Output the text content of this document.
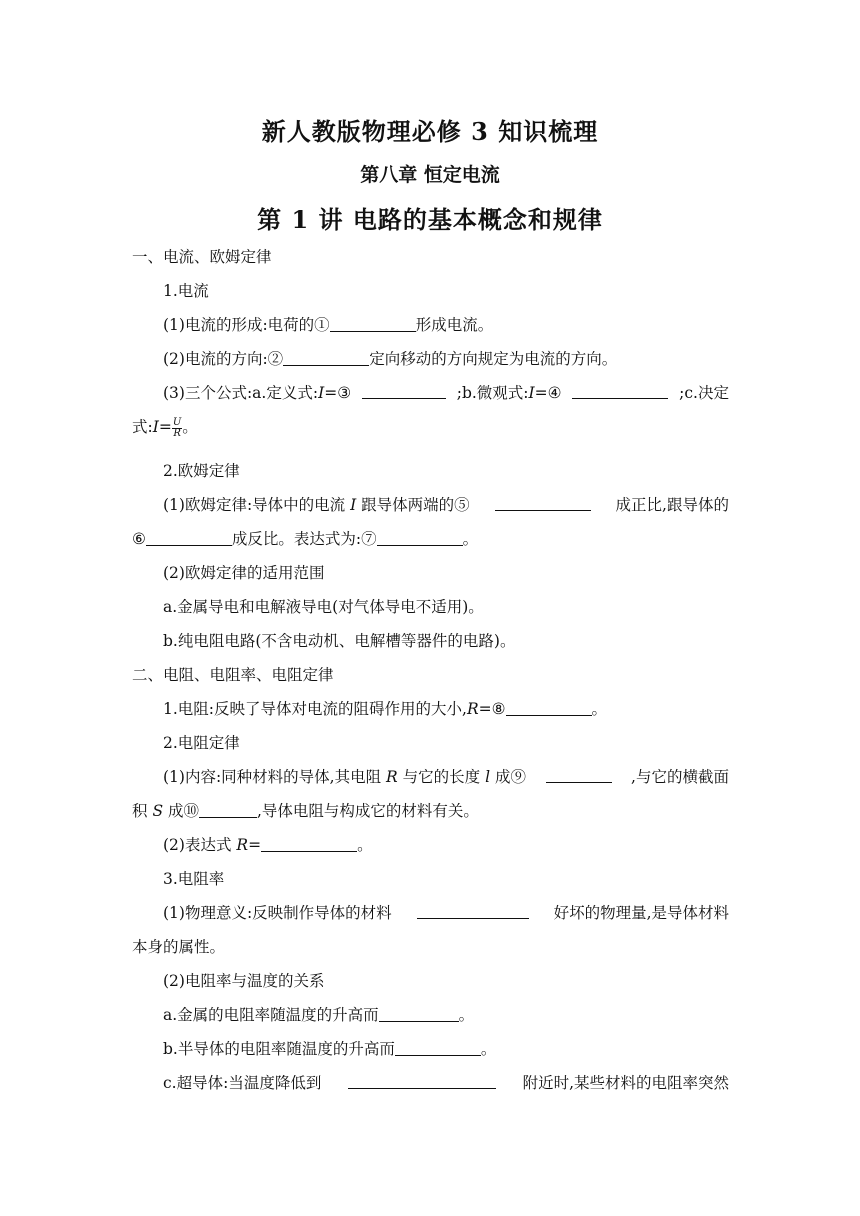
新人教版物理必修 3 知识梳理
第八章 恒定电流
第 1 讲 电路的基本概念和规律
一、电流、欧姆定律
1.电流
(1)电流的形成:电荷的①	形成电流。
(2)电流的方向:②	定向移动的方向规定为电流的方向。
(3)三个公式:a.定义式:I=③	;b.微观式:I=④	;c.决定
式:I= $\frac{U}{R}$ 。
2.欧姆定律
(1)欧姆定律:导体中的电流 I 跟导体两端的⑤	成正比,跟导体的
⑥	成反比。表达式为:⑦	。
(2)欧姆定律的适用范围
a.金属导电和电解液导电(对气体导电不适用)。
b.纯电阻电路(不含电动机、电解槽等器件的电路)。
二、电阻、电阻率、电阻定律
1.电阻:反映了导体对电流的阻碍作用的大小,R=⑧	。
2.电阻定律
(1)内容:同种材料的导体,其电阻 R 与它的长度 l 成⑨	,与它的横截面
积 S 成⑩	,导体电阻与构成它的材料有关。
(2)表达式 R=	。
3.电阻率
(1)物理意义:反映制作导体的材料	好坏的物理量,是导体材料
本身的属性。
(2)电阻率与温度的关系
a.金属的电阻率随温度的升高而	。
b.半导体的电阻率随温度的升高而	。
c.超导体:当温度降低到	附近时,某些材料的电阻率突然
